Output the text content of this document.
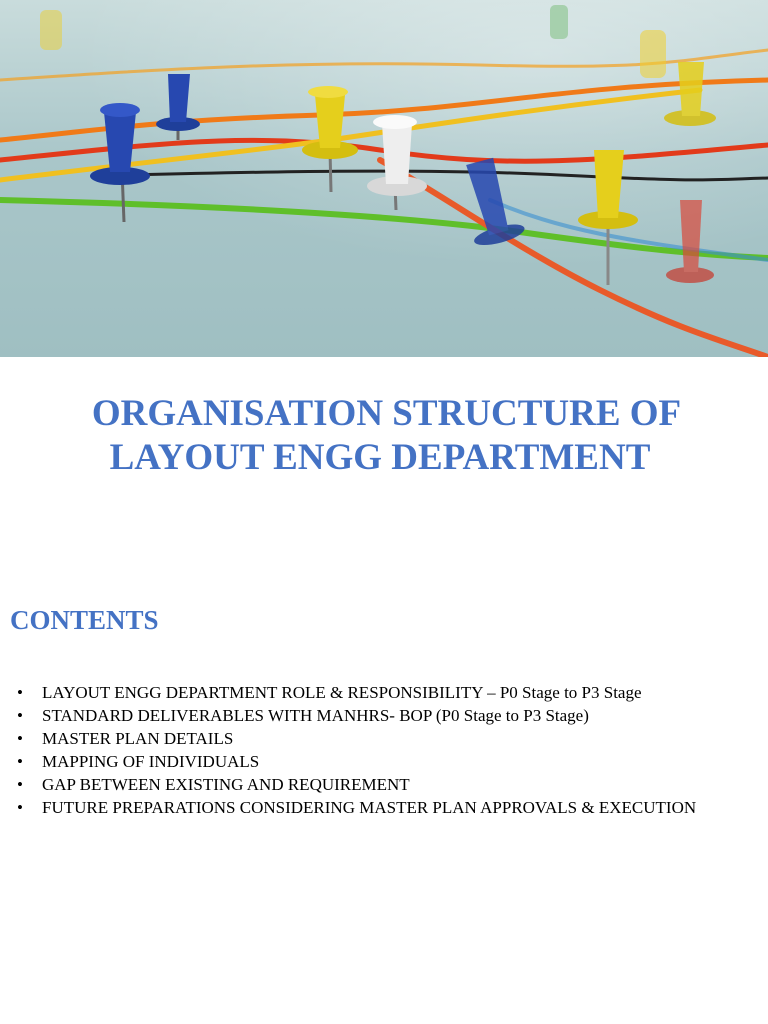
ORGANISATION STRUCTURE OF
LAYOUT ENGG DEPARTMENT
CONTENTS
• LAYOUT ENGG DEPARTMENT ROLE & RESPONSIBILITY – P0 Stage to P3 Stage
• STANDARD DELIVERABLES WITH MANHRS- BOP (P0 Stage to P3 Stage)
• MASTER PLAN DETAILS
• MAPPING OF INDIVIDUALS
• GAP BETWEEN EXISTING AND REQUIREMENT
• FUTURE PREPARATIONS CONSIDERING MASTER PLAN APPROVALS & EXECUTION
